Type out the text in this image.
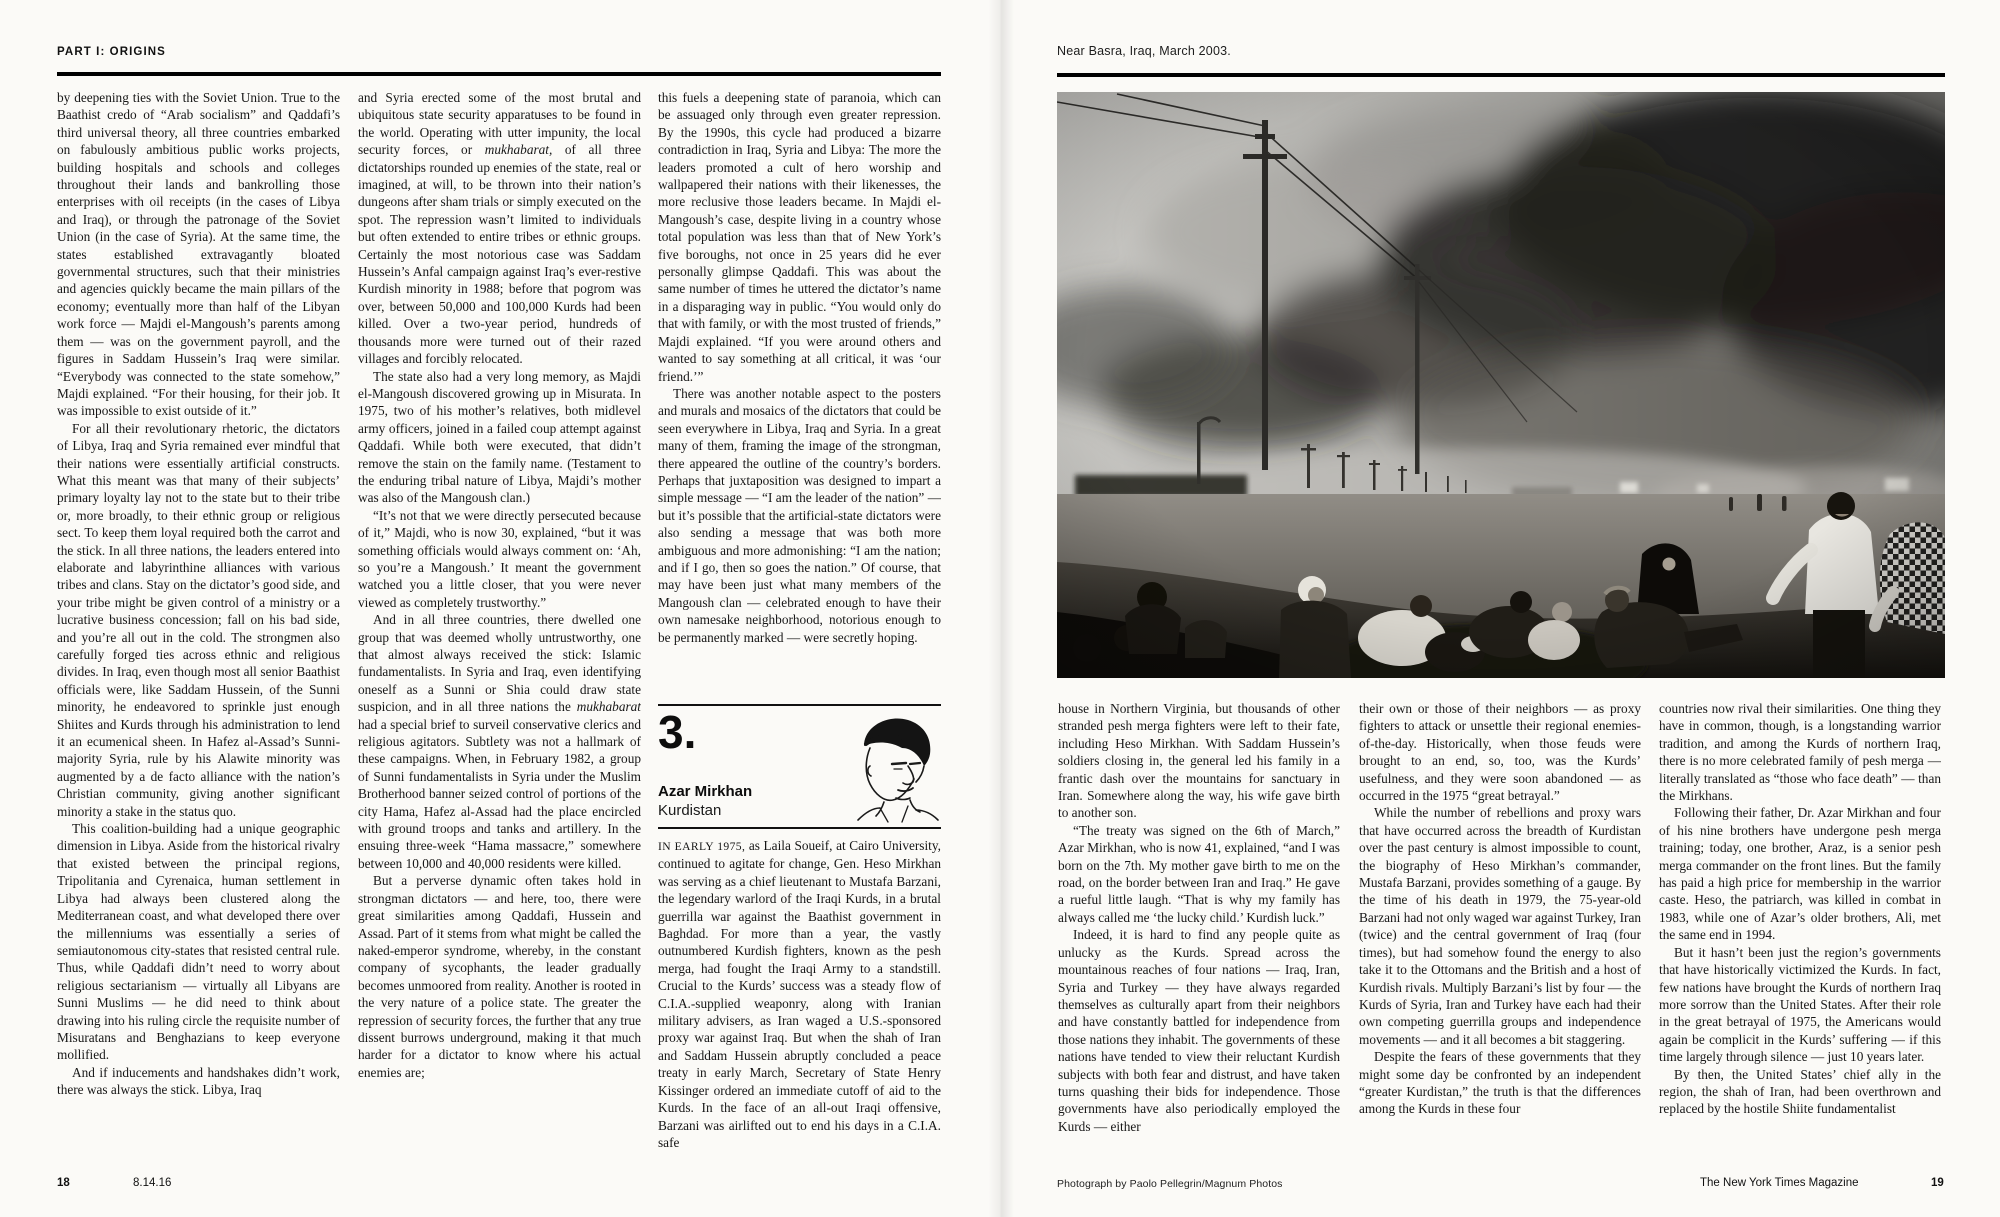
PART I: ORIGINS

by deepening ties with the Soviet Union. True to the Baathist credo of “Arab socialism” and Qaddafi’s third universal theory, all three countries embarked on fabulously ambitious public works projects, building hospitals and schools and colleges throughout their lands and bankrolling those enterprises with oil receipts (in the cases of Libya and Iraq), or through the patronage of the Soviet Union (in the case of Syria). At the same time, the states established extravagantly bloated governmental structures, such that their ministries and agencies quickly became the main pillars of the economy; eventually more than half of the Libyan work force — Majdi el-Mangoush’s parents among them — was on the government payroll, and the figures in Saddam Hussein’s Iraq were similar. “Everybody was connected to the state somehow,” Majdi explained. “For their housing, for their job. It was impossible to exist outside of it.”

For all their revolutionary rhetoric, the dictators of Libya, Iraq and Syria remained ever mindful that their nations were essentially artificial constructs. What this meant was that many of their subjects’ primary loyalty lay not to the state but to their tribe or, more broadly, to their ethnic group or religious sect. To keep them loyal required both the carrot and the stick. In all three nations, the leaders entered into elaborate and labyrinthine alliances with various tribes and clans. Stay on the dictator’s good side, and your tribe might be given control of a ministry or a lucrative business concession; fall on his bad side, and you’re all out in the cold. The strongmen also carefully forged ties across ethnic and religious divides. In Iraq, even though most all senior Baathist officials were, like Saddam Hussein, of the Sunni minority, he endeavored to sprinkle just enough Shiites and Kurds through his administration to lend it an ecumenical sheen. In Hafez al-Assad’s Sunni-majority Syria, rule by his Alawite minority was augmented by a de facto alliance with the nation’s Christian community, giving another significant minority a stake in the status quo.

This coalition-building had a unique geographic dimension in Libya. Aside from the historical rivalry that existed between the principal regions, Tripolitania and Cyrenaica, human settlement in Libya had always been clustered along the Mediterranean coast, and what developed there over the millenniums was essentially a series of semiautonomous city-states that resisted central rule. Thus, while Qaddafi didn’t need to worry about religious sectarianism — virtually all Libyans are Sunni Muslims — he did need to think about drawing into his ruling circle the requisite number of Misuratans and Benghazians to keep everyone mollified.

And if inducements and handshakes didn’t work, there was always the stick. Libya, Iraq

and Syria erected some of the most brutal and ubiquitous state security apparatuses to be found in the world. Operating with utter impunity, the local security forces, or mukhabarat, of all three dictatorships rounded up enemies of the state, real or imagined, at will, to be thrown into their nation’s dungeons after sham trials or simply executed on the spot. The repression wasn’t limited to individuals but often extended to entire tribes or ethnic groups. Certainly the most notorious case was Saddam Hussein’s Anfal campaign against Iraq’s ever-restive Kurdish minority in 1988; before that pogrom was over, between 50,000 and 100,000 Kurds had been killed. Over a two-year period, hundreds of thousands more were turned out of their razed villages and forcibly relocated.

The state also had a very long memory, as Majdi el-Mangoush discovered growing up in Misurata. In 1975, two of his mother’s relatives, both midlevel army officers, joined in a failed coup attempt against Qaddafi. While both were executed, that didn’t remove the stain on the family name. (Testament to the enduring tribal nature of Libya, Majdi’s mother was also of the Mangoush clan.)

“It’s not that we were directly persecuted because of it,” Majdi, who is now 30, explained, “but it was something officials would always comment on: ‘Ah, so you’re a Mangoush.’ It meant the government watched you a little closer, that you were never viewed as completely trustworthy.”

And in all three countries, there dwelled one group that was deemed wholly untrustworthy, one that almost always received the stick: Islamic fundamentalists. In Syria and Iraq, even identifying oneself as a Sunni or Shia could draw state suspicion, and in all three nations the mukhabarat had a special brief to surveil conservative clerics and religious agitators. Subtlety was not a hallmark of these campaigns. When, in February 1982, a group of Sunni fundamentalists in Syria under the Muslim Brotherhood banner seized control of portions of the city Hama, Hafez al-Assad had the place encircled with ground troops and tanks and artillery. In the ensuing three-week “Hama massacre,” somewhere between 10,000 and 40,000 residents were killed.

But a perverse dynamic often takes hold in strongman dictators — and here, too, there were great similarities among Qaddafi, Hussein and Assad. Part of it stems from what might be called the naked-emperor syndrome, whereby, in the constant company of sycophants, the leader gradually becomes unmoored from reality. Another is rooted in the very nature of a police state. The greater the repression of security forces, the further that any true dissent burrows underground, making it that much harder for a dictator to know where his actual enemies are;

this fuels a deepening state of paranoia, which can be assuaged only through even greater repression. By the 1990s, this cycle had produced a bizarre contradiction in Iraq, Syria and Libya: The more the leaders promoted a cult of hero worship and wallpapered their nations with their likenesses, the more reclusive those leaders became. In Majdi el-Mangoush’s case, despite living in a country whose total population was less than that of New York’s five boroughs, not once in 25 years did he ever personally glimpse Qaddafi. This was about the same number of times he uttered the dictator’s name in a disparaging way in public. “You would only do that with family, or with the most trusted of friends,” Majdi explained. “If you were around others and wanted to say something at all critical, it was ‘our friend.’”

There was another notable aspect to the posters and murals and mosaics of the dictators that could be seen everywhere in Libya, Iraq and Syria. In a great many of them, framing the image of the strongman, there appeared the outline of the country’s borders. Perhaps that juxtaposition was designed to impart a simple message — “I am the leader of the nation” — but it’s possible that the artificial-state dictators were also sending a message that was both more ambiguous and more admonishing: “I am the nation; and if I go, then so goes the nation.” Of course, that may have been just what many members of the Mangoush clan — celebrated enough to have their own namesake neighborhood, notorious enough to be permanently marked — were secretly hoping.

3.
Azar Mirkhan
Kurdistan

IN EARLY 1975, as Laila Soueif, at Cairo University, continued to agitate for change, Gen. Heso Mirkhan was serving as a chief lieutenant to Mustafa Barzani, the legendary warlord of the Iraqi Kurds, in a brutal guerrilla war against the Baathist government in Baghdad. For more than a year, the vastly outnumbered Kurdish fighters, known as the pesh merga, had fought the Iraqi Army to a standstill. Crucial to the Kurds’ success was a steady flow of C.I.A.-supplied weaponry, along with Iranian military advisers, as Iran waged a U.S.-sponsored proxy war against Iraq. But when the shah of Iran and Saddam Hussein abruptly concluded a peace treaty in early March, Secretary of State Henry Kissinger ordered an immediate cutoff of aid to the Kurds. In the face of an all-out Iraqi offensive, Barzani was airlifted out to end his days in a C.I.A. safe

18	8.14.16
Near Basra, Iraq, March 2003.

house in Northern Virginia, but thousands of other stranded pesh merga fighters were left to their fate, including Heso Mirkhan. With Saddam Hussein’s soldiers closing in, the general led his family in a frantic dash over the mountains for sanctuary in Iran. Somewhere along the way, his wife gave birth to another son.

“The treaty was signed on the 6th of March,” Azar Mirkhan, who is now 41, explained, “and I was born on the 7th. My mother gave birth to me on the road, on the border between Iran and Iraq.” He gave a rueful little laugh. “That is why my family has always called me ‘the lucky child.’ Kurdish luck.”

Indeed, it is hard to find any people quite as unlucky as the Kurds. Spread across the mountainous reaches of four nations — Iraq, Iran, Syria and Turkey — they have always regarded themselves as culturally apart from their neighbors and have constantly battled for independence from those nations they inhabit. The governments of these nations have tended to view their reluctant Kurdish subjects with both fear and distrust, and have taken turns quashing their bids for independence. Those governments have also periodically employed the Kurds — either

their own or those of their neighbors — as proxy fighters to attack or unsettle their regional enemies-of-the-day. Historically, when those feuds were brought to an end, so, too, was the Kurds’ usefulness, and they were soon abandoned — as occurred in the 1975 “great betrayal.”

While the number of rebellions and proxy wars that have occurred across the breadth of Kurdistan over the past century is almost impossible to count, the biography of Heso Mirkhan’s commander, Mustafa Barzani, provides something of a gauge. By the time of his death in 1979, the 75-year-old Barzani had not only waged war against Turkey, Iran (twice) and the central government of Iraq (four times), but had somehow found the energy to also take it to the Ottomans and the British and a host of Kurdish rivals. Multiply Barzani’s list by four — the Kurds of Syria, Iran and Turkey have each had their own competing guerrilla groups and independence movements — and it all becomes a bit staggering.

Despite the fears of these governments that they might some day be confronted by an independent “greater Kurdistan,” the truth is that the differences among the Kurds in these four

countries now rival their similarities. One thing they have in common, though, is a longstanding warrior tradition, and among the Kurds of northern Iraq, there is no more celebrated family of pesh merga — literally translated as “those who face death” — than the Mirkhans.

Following their father, Dr. Azar Mirkhan and four of his nine brothers have undergone pesh merga training; today, one brother, Araz, is a senior pesh merga commander on the front lines. But the family has paid a high price for membership in the warrior caste. Heso, the patriarch, was killed in combat in 1983, while one of Azar’s older brothers, Ali, met the same end in 1994.

But it hasn’t been just the region’s governments that have historically victimized the Kurds. In fact, few nations have brought the Kurds of northern Iraq more sorrow than the United States. After their role in the great betrayal of 1975, the Americans would again be complicit in the Kurds’ suffering — if this time largely through silence — just 10 years later.

By then, the United States’ chief ally in the region, the shah of Iran, had been overthrown and replaced by the hostile Shiite fundamentalist

Photograph by Paolo Pellegrin/Magnum Photos	The New York Times Magazine	19
